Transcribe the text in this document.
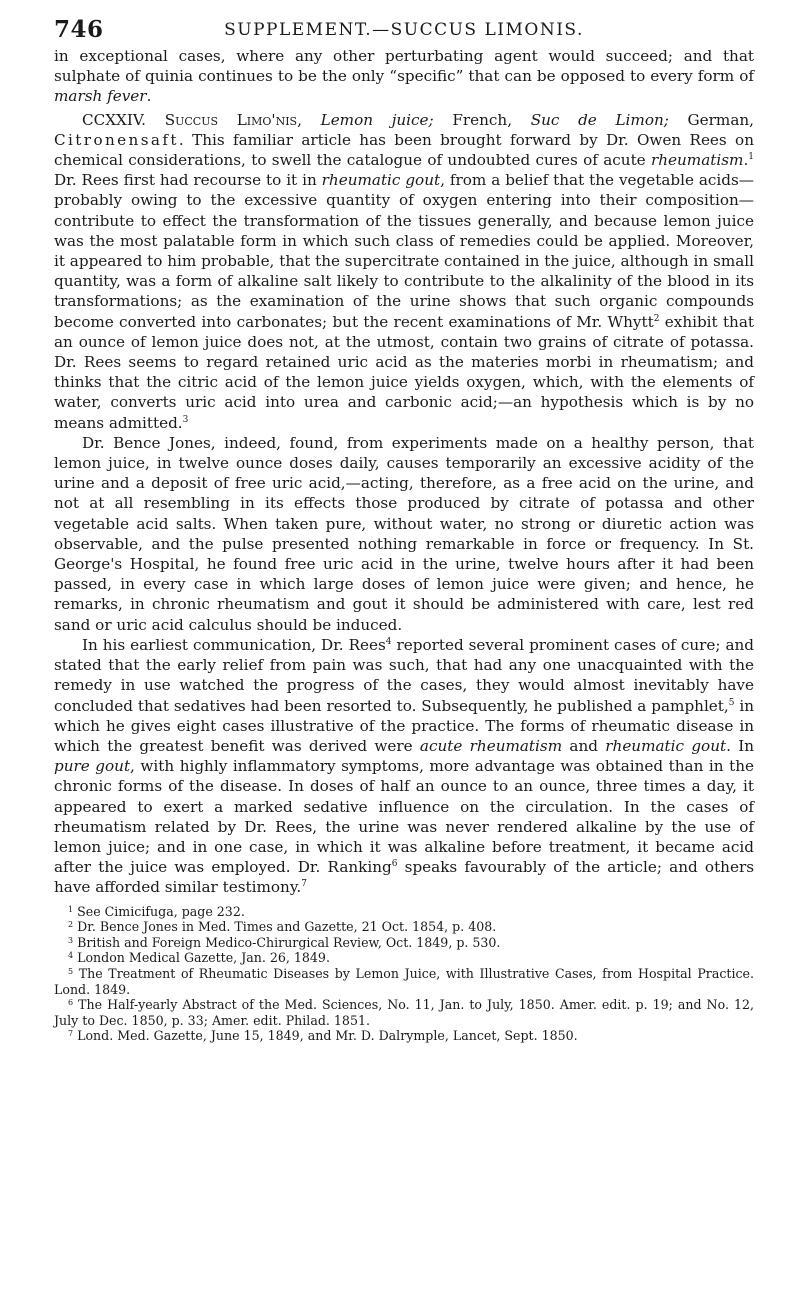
746	SUPPLEMENT.—SUCCUS LIMONIS.

in exceptional cases, where any other perturbating agent would succeed; and that sulphate of quinia continues to be the only “specific” that can be opposed to every form of marsh fever.

CCXXIV. Succus Limo'nis, Lemon juice; French, Suc de Limon; German, Citronensaft. This familiar article has been brought forward by Dr. Owen Rees on chemical considerations, to swell the catalogue of undoubted cures of acute rheumatism.$^1$ Dr. Rees first had recourse to it in rheumatic gout, from a belief that the vegetable acids—probably owing to the excessive quantity of oxygen entering into their composition—contribute to effect the transformation of the tissues generally, and because lemon juice was the most palatable form in which such class of remedies could be applied. Moreover, it appeared to him probable, that the supercitrate contained in the juice, although in small quantity, was a form of alkaline salt likely to contribute to the alkalinity of the blood in its transformations; as the examination of the urine shows that such organic compounds become converted into carbonates; but the recent examinations of Mr. Whytt$^2$ exhibit that an ounce of lemon juice does not, at the utmost, contain two grains of citrate of potassa. Dr. Rees seems to regard retained uric acid as the materies morbi in rheumatism; and thinks that the citric acid of the lemon juice yields oxygen, which, with the elements of water, converts uric acid into urea and carbonic acid;—an hypothesis which is by no means admitted.$^3$

Dr. Bence Jones, indeed, found, from experiments made on a healthy person, that lemon juice, in twelve ounce doses daily, causes temporarily an excessive acidity of the urine and a deposit of free uric acid,—acting, therefore, as a free acid on the urine, and not at all resembling in its effects those produced by citrate of potassa and other vegetable acid salts. When taken pure, without water, no strong or diuretic action was observable, and the pulse presented nothing remarkable in force or frequency. In St. George's Hospital, he found free uric acid in the urine, twelve hours after it had been passed, in every case in which large doses of lemon juice were given; and hence, he remarks, in chronic rheumatism and gout it should be administered with care, lest red sand or uric acid calculus should be induced.

In his earliest communication, Dr. Rees$^4$ reported several prominent cases of cure; and stated that the early relief from pain was such, that had any one unacquainted with the remedy in use watched the progress of the cases, they would almost inevitably have concluded that sedatives had been resorted to. Subsequently, he published a pamphlet,$^5$ in which he gives eight cases illustrative of the practice. The forms of rheumatic disease in which the greatest benefit was derived were acute rheumatism and rheumatic gout. In pure gout, with highly inflammatory symptoms, more advantage was obtained than in the chronic forms of the disease. In doses of half an ounce to an ounce, three times a day, it appeared to exert a marked sedative influence on the circulation. In the cases of rheumatism related by Dr. Rees, the urine was never rendered alkaline by the use of lemon juice; and in one case, in which it was alkaline before treatment, it became acid after the juice was employed. Dr. Ranking$^6$ speaks favourably of the article; and others have afforded similar testimony.$^7$

$^1$ See Cimicifuga, page 232.

$^2$ Dr. Bence Jones in Med. Times and Gazette, 21 Oct. 1854, p. 408.

$^3$ British and Foreign Medico-Chirurgical Review, Oct. 1849, p. 530.

$^4$ London Medical Gazette, Jan. 26, 1849.

$^5$ The Treatment of Rheumatic Diseases by Lemon Juice, with Illustrative Cases, from Hospital Practice. Lond. 1849.

$^6$ The Half-yearly Abstract of the Med. Sciences, No. 11, Jan. to July, 1850. Amer. edit. p. 19; and No. 12, July to Dec. 1850, p. 33; Amer. edit. Philad. 1851.

$^7$ Lond. Med. Gazette, June 15, 1849, and Mr. D. Dalrymple, Lancet, Sept. 1850.
